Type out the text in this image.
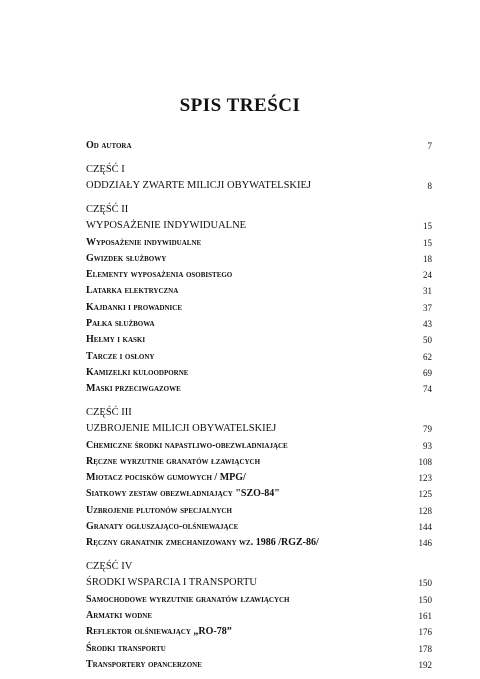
SPIS TREŚCI
Od autora	7
CZĘŚĆ I
ODDZIAŁY ZWARTE MILICJI OBYWATELSKIEJ	8
CZĘŚĆ II
WYPOSAŻENIE INDYWIDUALNE	15
Wyposażenie indywidualne	15
Gwizdek służbowy	18
Elementy wyposażenia osobistego	24
Latarka elektryczna	31
Kajdanki i prowadnice	37
Pałka służbowa	43
Hełmy i kaski	50
Tarcze i osłony	62
Kamizelki kuloodporne	69
Maski przeciwgazowe	74
CZĘŚĆ III
UZBROJENIE MILICJI OBYWATELSKIEJ	79
Chemiczne środki napastliwo-obezwładniające	93
Ręczne wyrzutnie granatów łzawiących	108
Miotacz pocisków gumowych / MPG/	123
Siatkowy zestaw obezwładniający "SZO-84"	125
Uzbrojenie plutonów specjalnych	128
Granaty ogłuszająco-olśniewające	144
Ręczny granatnik zmechanizowany wz. 1986 /RGZ-86/	146
CZĘŚĆ IV
ŚRODKI WSPARCIA I TRANSPORTU	150
Samochodowe wyrzutnie granatów łzawiących	150
Armatki wodne	161
Reflektor olśniewający „RO-78”	176
Środki transportu	178
Transportery opancerzone	192
